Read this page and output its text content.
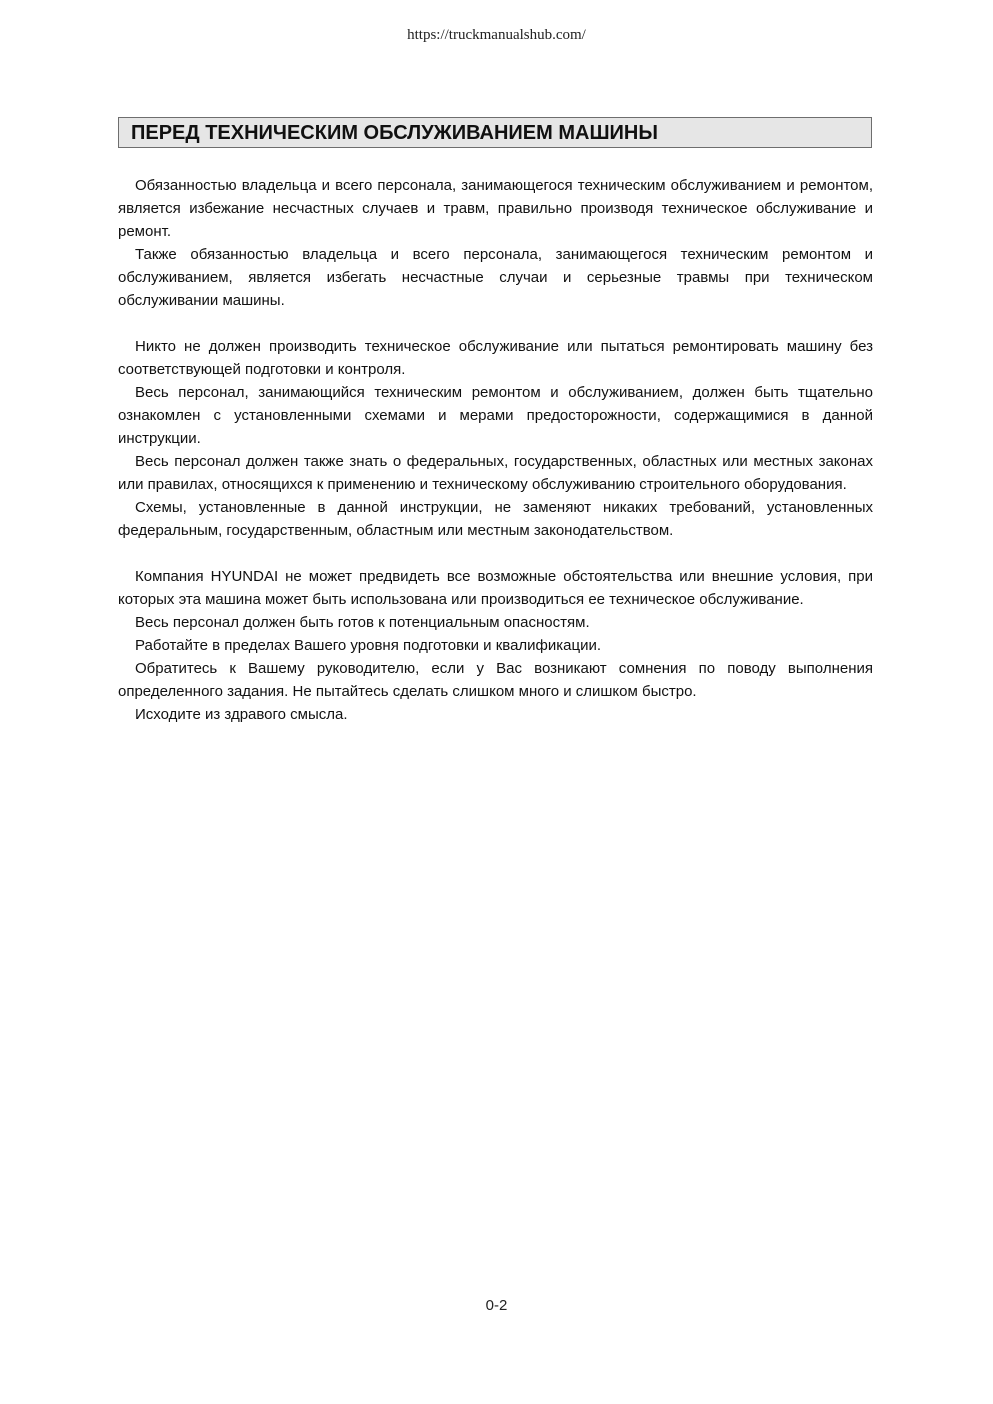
https://truckmanualshub.com/
ПЕРЕД ТЕХНИЧЕСКИМ ОБСЛУЖИВАНИЕМ МАШИНЫ

Обязанностью владельца и всего персонала, занимающегося техническим обслуживанием и ремонтом, является избежание несчастных случаев и травм, правильно производя техническое обслуживание и ремонт.

Также обязанностью владельца и всего персонала, занимающегося техническим ремонтом и обслуживанием, является избегать несчастные случаи и серьезные травмы при техническом обслуживании машины.

Никто не должен производить техническое обслуживание или пытаться ремонтировать машину без соответствующей подготовки и контроля.

Весь персонал, занимающийся техническим ремонтом и обслуживанием, должен быть тщательно ознакомлен с установленными схемами и мерами предосторожности, содержащимися в данной инструкции.

Весь персонал должен также знать о федеральных, государственных, областных или местных законах или правилах, относящихся к применению и техническому обслуживанию строительного оборудования.

Схемы, установленные в данной инструкции, не заменяют никаких требований, установленных федеральным, государственным, областным или местным законодательством.

Компания HYUNDAI не может предвидеть все возможные обстоятельства или внешние условия, при которых эта машина может быть использована или производиться ее техническое обслуживание.

Весь персонал должен быть готов к потенциальным опасностям.

Работайте в пределах Вашего уровня подготовки и квалификации.

Обратитесь к Вашему руководителю, если у Вас возникают сомнения по поводу выполнения определенного задания. Не пытайтесь сделать слишком много и слишком быстро.

Исходите из здравого смысла.

0-2
